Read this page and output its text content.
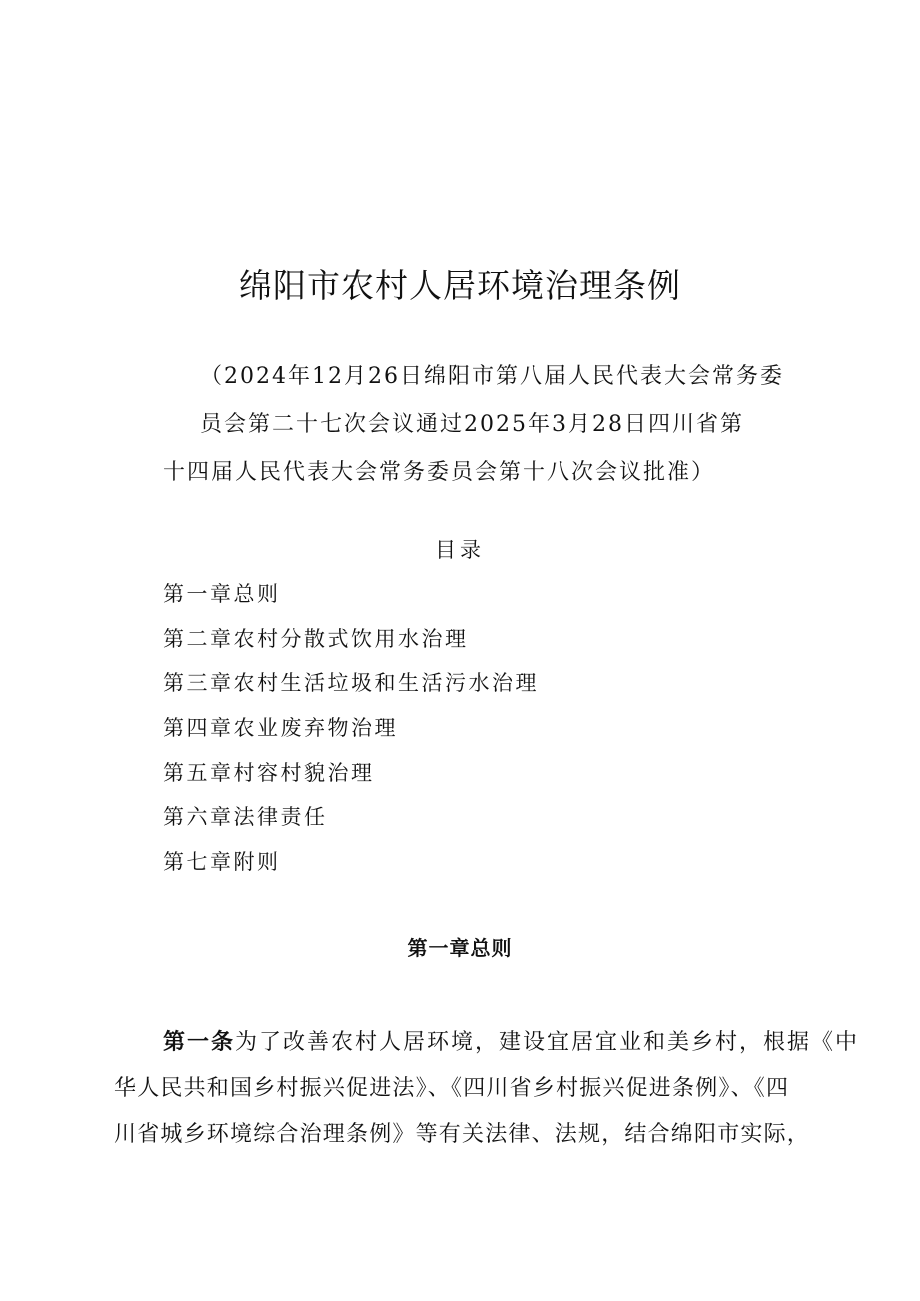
绵阳市农村人居环境治理条例
（2024年12月26日绵阳市第八届人民代表大会常务委
员会第二十七次会议通过2025年3月28日四川省第
十四届人民代表大会常务委员会第十八次会议批准）
目录
第一章总则
第二章农村分散式饮用水治理
第三章农村生活垃圾和生活污水治理
第四章农业废弃物治理
第五章村容村貌治理
第六章法律责任
第七章附则
第一章总则
第一条为了改善农村人居环境，建设宜居宜业和美乡村，根据《中
华人民共和国乡村振兴促进法》、《四川省乡村振兴促进条例》、《四
川省城乡环境综合治理条例》等有关法律、法规，结合绵阳市实际，
